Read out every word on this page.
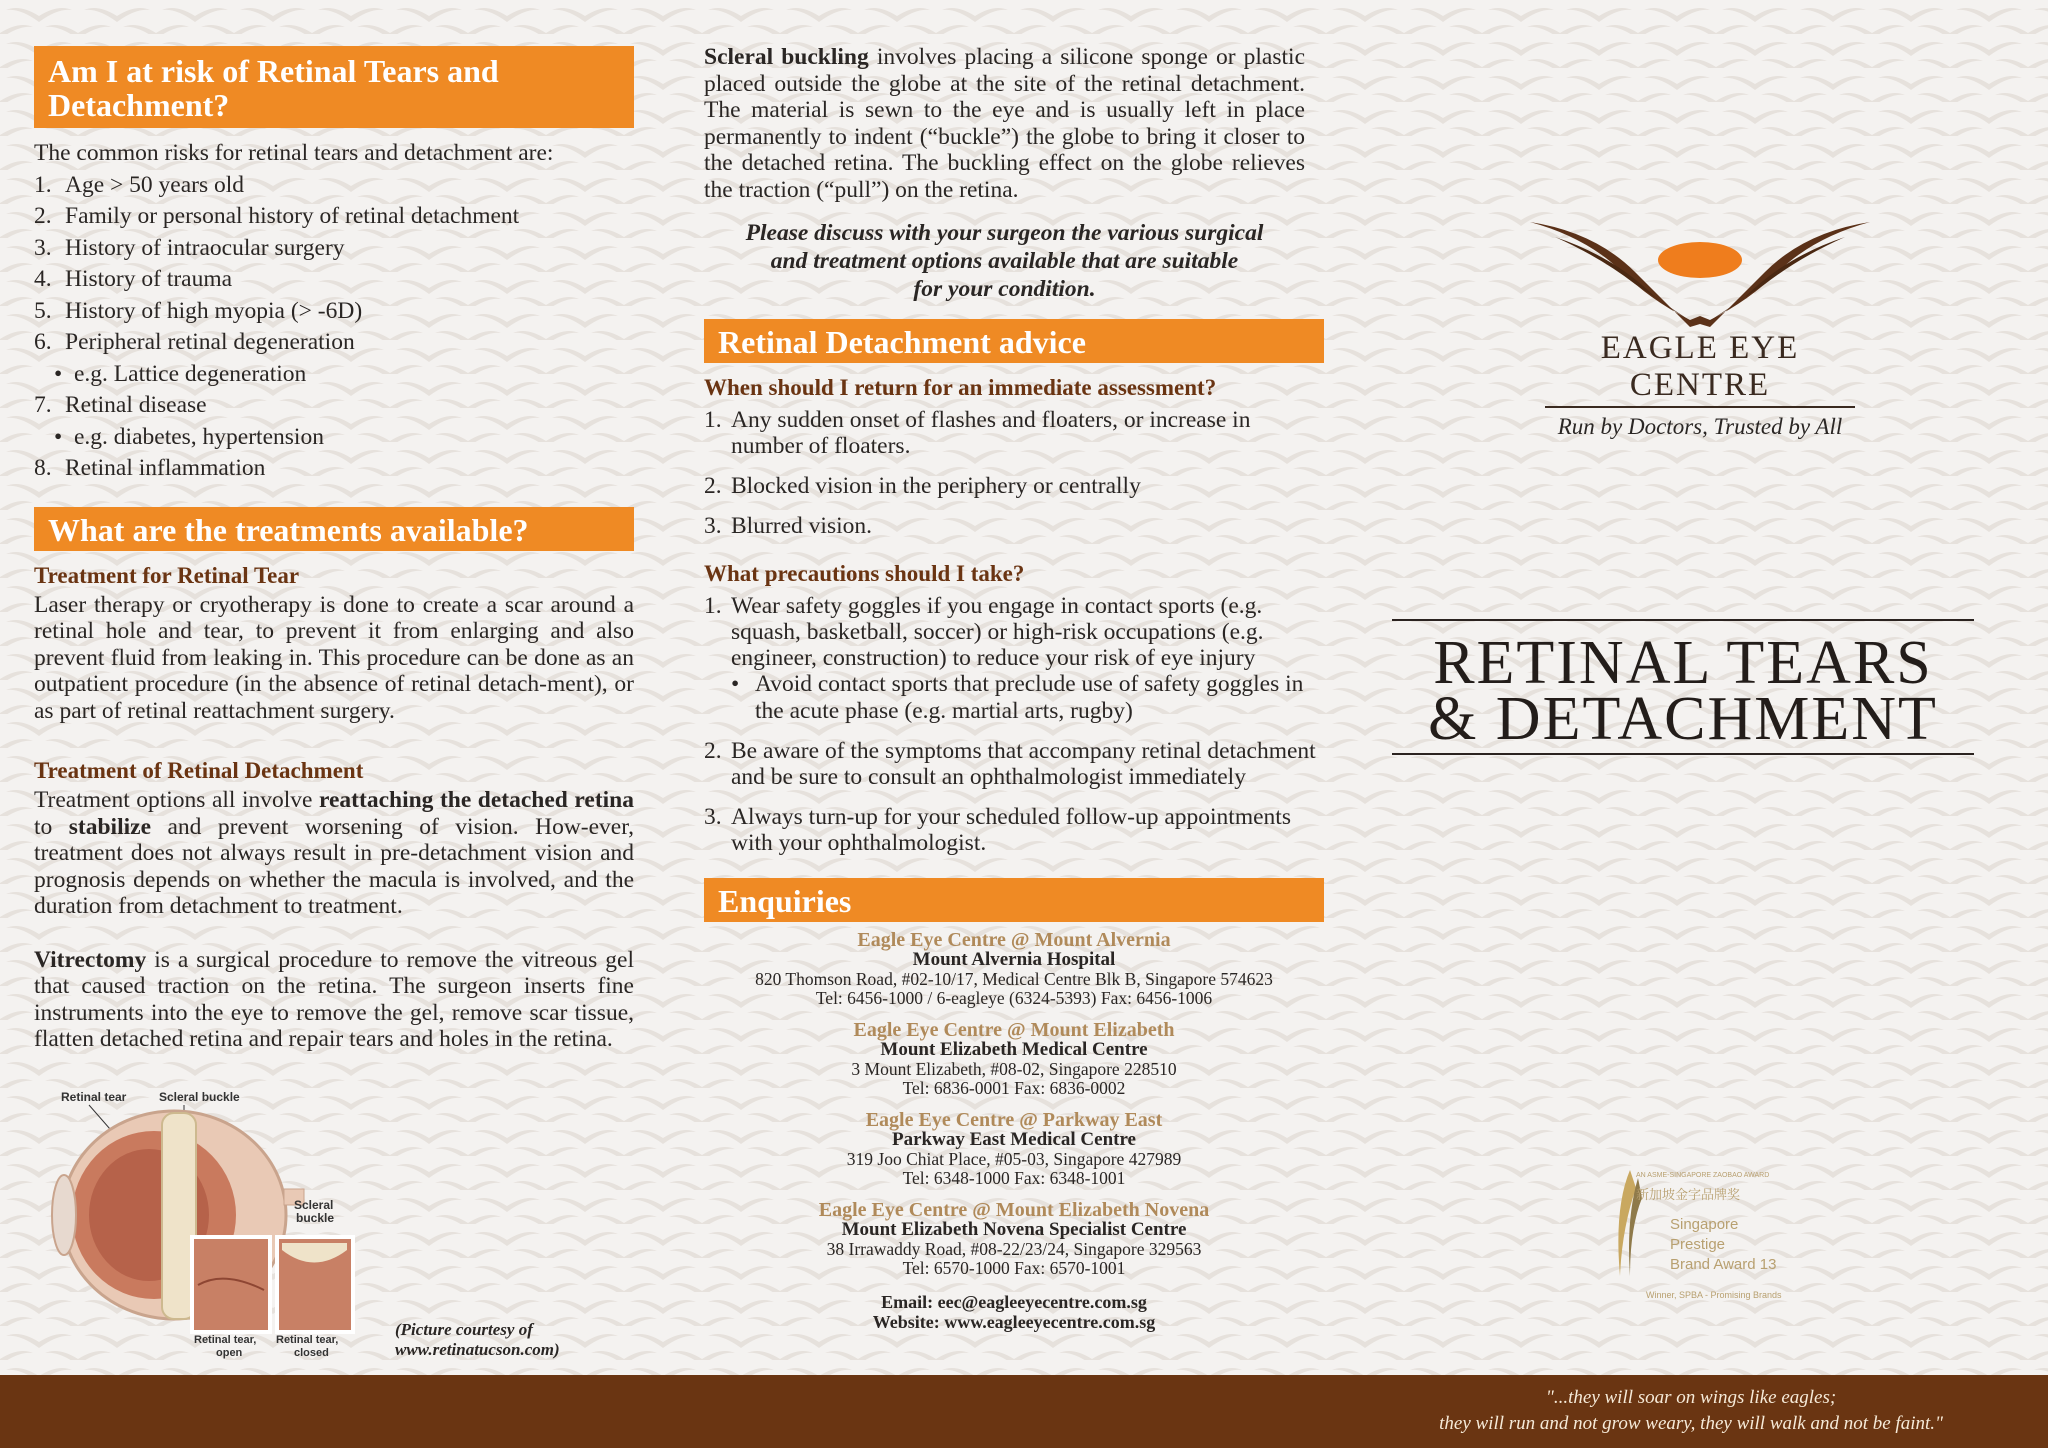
Am I at risk of Retinal Tears and
Detachment?
The common risks for retinal tears and detachment are:
1. Age > 50 years old
2. Family or personal history of retinal detachment
3. History of intraocular surgery
4. History of trauma
5. History of high myopia (> -6D)
6. Peripheral retinal degeneration
• e.g. Lattice degeneration
7. Retinal disease
• e.g. diabetes, hypertension
8. Retinal inflammation
What are the treatments available?
Treatment for Retinal Tear
Laser therapy or cryotherapy is done to create a scar around a retinal hole and tear, to prevent it from enlarging and also prevent fluid from leaking in. This procedure can be done as an outpatient procedure (in the absence of retinal detach-ment), or as part of retinal reattachment surgery.
Treatment of Retinal Detachment
Treatment options all involve reattaching the detached retina to stabilize and prevent worsening of vision. How-ever, treatment does not always result in pre-detachment vision and prognosis depends on whether the macula is involved, and the duration from detachment to treatment.
Vitrectomy is a surgical procedure to remove the vitreous gel that caused traction on the retina. The surgeon inserts fine instruments into the eye to remove the gel, remove scar tissue, flatten detached retina and repair tears and holes in the retina.
Retinal tear	Scleral buckle
Scleral
buckle
Retinal tear,
open
Retinal tear,
closed
(Picture courtesy of
www.retinatucson.com)
Scleral buckling involves placing a silicone sponge or plastic placed outside the globe at the site of the retinal detachment. The material is sewn to the eye and is usually left in place permanently to indent (“buckle”) the globe to bring it closer to the detached retina. The buckling effect on the globe relieves the traction (“pull”) on the retina.
Please discuss with your surgeon the various surgical
and treatment options available that are suitable
for your condition.
Retinal Detachment advice
When should I return for an immediate assessment?
1. Any sudden onset of flashes and floaters, or increase in number of floaters.
2. Blocked vision in the periphery or centrally
3. Blurred vision.
What precautions should I take?
1. Wear safety goggles if you engage in contact sports (e.g. squash, basketball, soccer) or high-risk occupations (e.g. engineer, construction) to reduce your risk of eye injury
• Avoid contact sports that preclude use of safety goggles in the acute phase (e.g. martial arts, rugby)
2. Be aware of the symptoms that accompany retinal detachment and be sure to consult an ophthalmologist immediately
3. Always turn-up for your scheduled follow-up appointments with your ophthalmologist.
Enquiries
Eagle Eye Centre @ Mount Alvernia
Mount Alvernia Hospital
820 Thomson Road, #02-10/17, Medical Centre Blk B, Singapore 574623
Tel: 6456-1000 / 6-eagleye (6324-5393) Fax: 6456-1006
Eagle Eye Centre @ Mount Elizabeth
Mount Elizabeth Medical Centre
3 Mount Elizabeth, #08-02, Singapore 228510
Tel: 6836-0001 Fax: 6836-0002
Eagle Eye Centre @ Parkway East
Parkway East Medical Centre
319 Joo Chiat Place, #05-03, Singapore 427989
Tel: 6348-1000 Fax: 6348-1001
Eagle Eye Centre @ Mount Elizabeth Novena
Mount Elizabeth Novena Specialist Centre
38 Irrawaddy Road, #08-22/23/24, Singapore 329563
Tel: 6570-1000 Fax: 6570-1001
Email: eec@eagleeyecentre.com.sg
Website: www.eagleeyecentre.com.sg
EAGLE EYE CENTRE
Run by Doctors, Trusted by All
RETINAL TEARS
& DETACHMENT
AN ASME-SINGAPORE ZAOBAO AWARD
新加坡金字品牌奖
Singapore
Prestige
Brand Award 13
Winner, SPBA - Promising Brands
"...they will soar on wings like eagles;
they will run and not grow weary, they will walk and not be faint."
